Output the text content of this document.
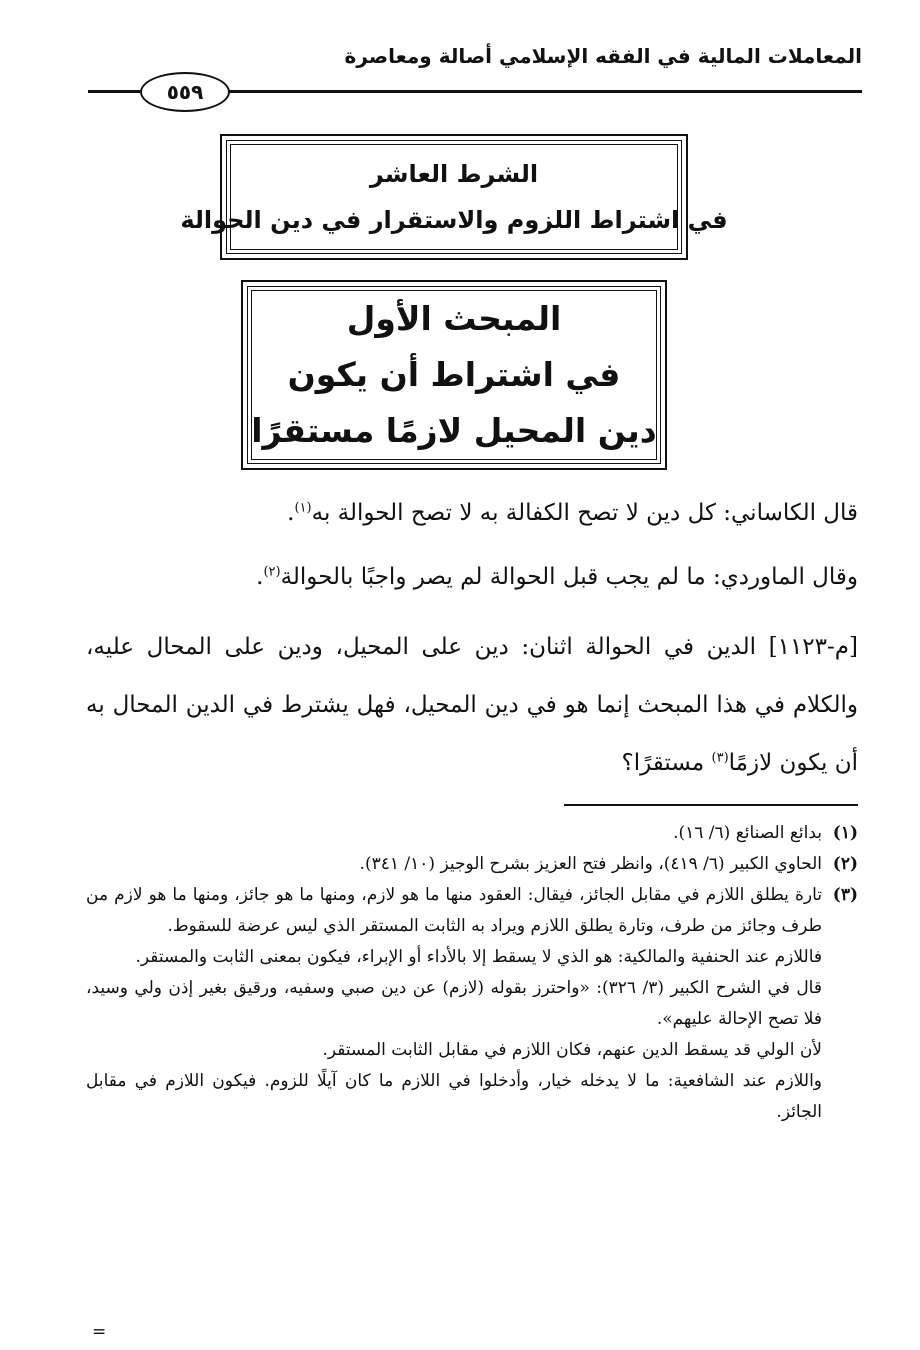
المعاملات المالية في الفقه الإسلامي أصالة ومعاصرة
٥٥٩
الشرط العاشر
في اشتراط اللزوم والاستقرار في دين الحوالة
المبحث الأول
في اشتراط أن يكون
دين المحيل لازمًا مستقرًا

قال الكاساني: كل دين لا تصح الكفالة به لا تصح الحوالة به$^{(١)}$.

وقال الماوردي: ما لم يجب قبل الحوالة لم يصر واجبًا بالحوالة$^{(٢)}$.

[م-١١٢٣] الدين في الحوالة اثنان: دين على المحيل، ودين على المحال عليه، والكلام في هذا المبحث إنما هو في دين المحيل، فهل يشترط في الدين المحال به أن يكون لازمًا$^{(٣)}$ مستقرًا؟

(١)
بدائع الصنائع (٦/ ١٦).
(٢)
الحاوي الكبير (٦/ ٤١٩)، وانظر فتح العزيز بشرح الوجيز (١٠/ ٣٤١).
(٣)
تارة يطلق اللازم في مقابل الجائز، فيقال: العقود منها ما هو لازم، ومنها ما هو جائز، ومنها ما هو لازم من طرف وجائز من طرف، وتارة يطلق اللازم ويراد به الثابت المستقر الذي ليس عرضة للسقوط.
فاللازم عند الحنفية والمالكية: هو الذي لا يسقط إلا بالأداء أو الإبراء، فيكون بمعنى الثابت والمستقر.
قال في الشرح الكبير (٣/ ٣٢٦): «واحترز بقوله (لازم) عن دين صبي وسفيه، ورقيق بغير إذن ولي وسيد، فلا تصح الإحالة عليهم».
لأن الولي قد يسقط الدين عنهم، فكان اللازم في مقابل الثابت المستقر.
واللازم عند الشافعية: ما لا يدخله خيار، وأدخلوا في اللازم ما كان آيلًا للزوم. فيكون اللازم في مقابل الجائز.
=
